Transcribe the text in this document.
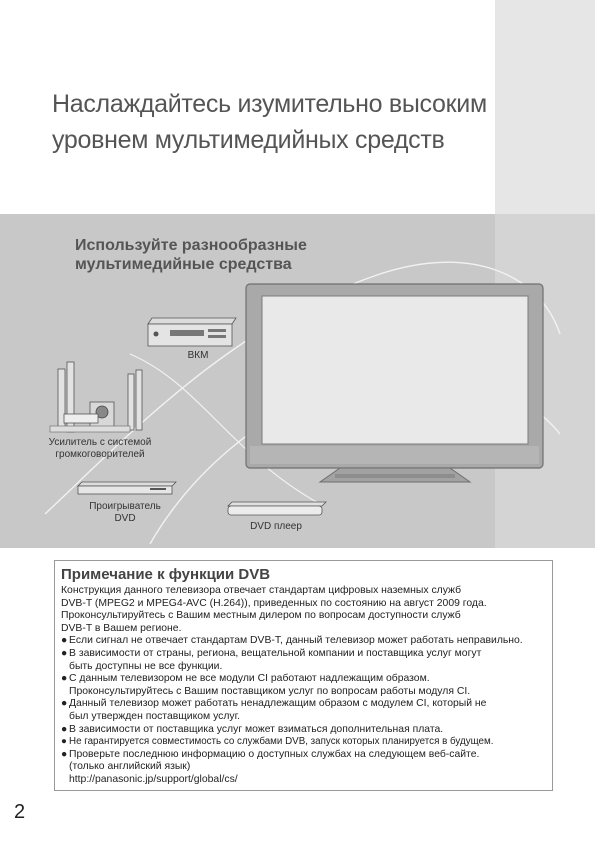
Наслаждайтесь изумительно высоким
уровнем мультимедийных средств
Используйте разнообразные
мультимедийные средства
ВКМ
Усилитель с системой
громкоговорителей
Проигрыватель
DVD
DVD плеер
Примечание к функции DVB

Конструкция данного телевизора отвечает стандартам цифровых наземных служб
DVB-T (MPEG2 и MPEG4-AVC (H.264)), приведенных по состоянию на август 2009 года.
Проконсультируйтесь с Вашим местным дилером по вопросам доступности служб
DVB-T в Вашем регионе.

● Если сигнал не отвечает стандартам DVB-T, данный телевизор может работать неправильно.
● В зависимости от страны, региона, вещательной компании и поставщика услуг могут
быть доступны не все функции.
● С данным телевизором не все модули CI работают надлежащим образом.
Проконсультируйтесь с Вашим поставщиком услуг по вопросам работы модуля CI.
● Данный телевизор может работать ненадлежащим образом с модулем CI, который не
был утвержден поставщиком услуг.
● В зависимости от поставщика услуг может взиматься дополнительная плата.
● Не гарантируется совместимость со службами DVB, запуск которых планируется в будущем.
● Проверьте последнюю информацию о доступных службах на следующем веб-сайте.
(только английский язык)
http://panasonic.jp/support/global/cs/
2
